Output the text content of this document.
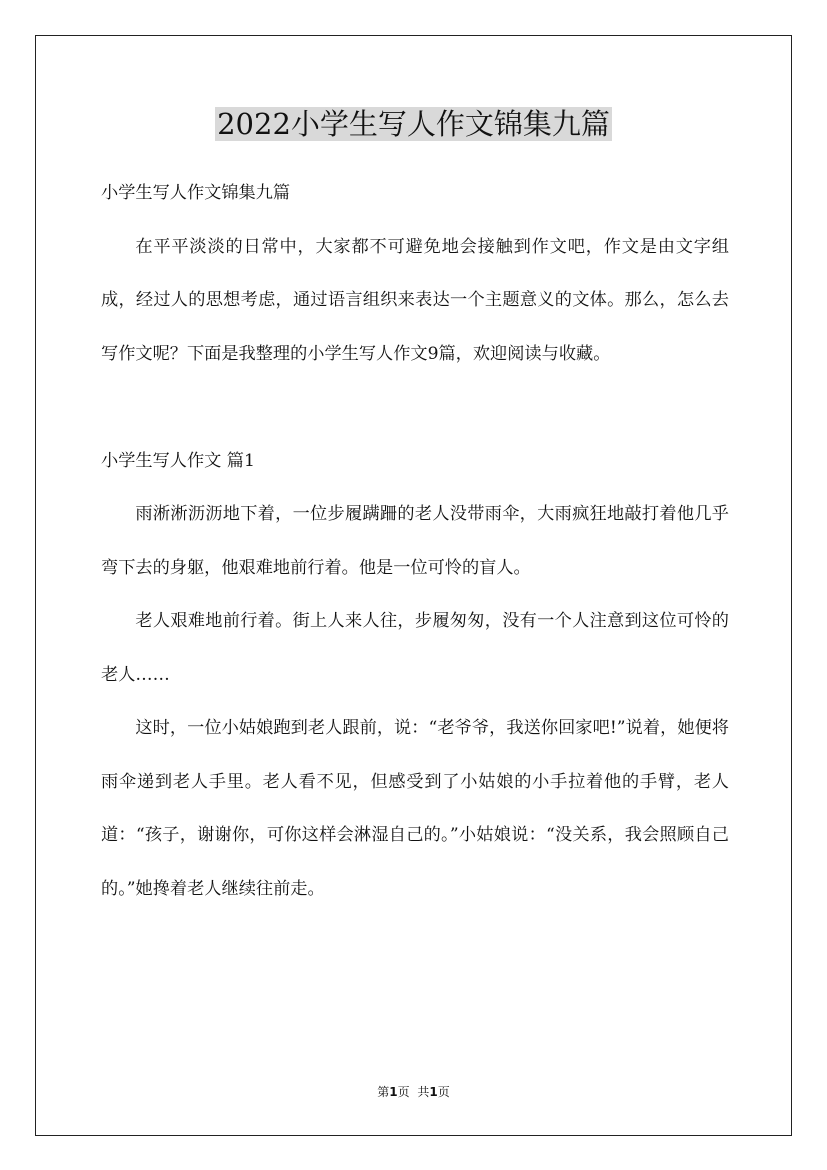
2022小学生写人作文锦集九篇

小学生写人作文锦集九篇

在平平淡淡的日常中，大家都不可避免地会接触到作文吧，作文是由文字组成，经过人的思想考虑，通过语言组织来表达一个主题意义的文体。那么，怎么去写作文呢？下面是我整理的小学生写人作文9篇，欢迎阅读与收藏。

小学生写人作文 篇1

雨淅淅沥沥地下着，一位步履蹒跚的老人没带雨伞，大雨疯狂地敲打着他几乎弯下去的身躯，他艰难地前行着。他是一位可怜的盲人。

老人艰难地前行着。街上人来人往，步履匆匆，没有一个人注意到这位可怜的老人……

这时，一位小姑娘跑到老人跟前，说：“老爷爷，我送你回家吧!”说着，她便将雨伞递到老人手里。老人看不见，但感受到了小姑娘的小手拉着他的手臂，老人道：“孩子，谢谢你，可你这样会淋湿自己的。”小姑娘说：“没关系，我会照顾自己的。”她搀着老人继续往前走。

第1页 共1页
